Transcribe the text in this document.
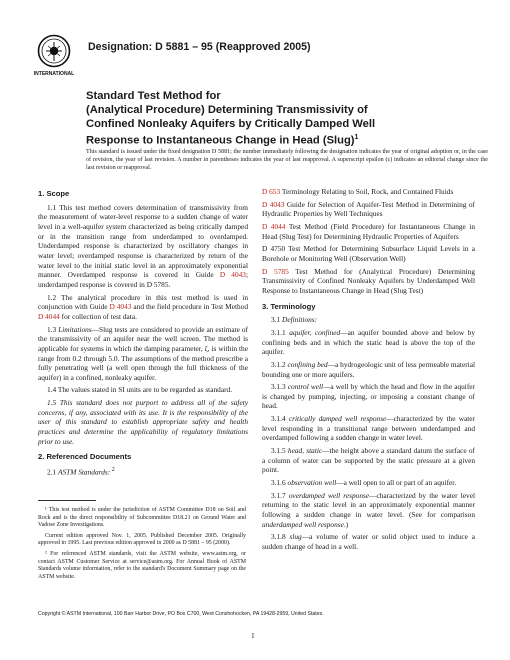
INTERNATIONAL
Designation: D 5881 – 95 (Reapproved 2005)
Standard Test Method for
(Analytical Procedure) Determining Transmissivity of
Confined Nonleaky Aquifers by Critically Damped Well
Response to Instantaneous Change in Head (Slug)$^1$
This standard is issued under the fixed designation D 5881; the number immediately following the designation indicates the year of original adoption or, in the case of revision, the year of last revision. A number in parentheses indicates the year of last reapproval. A superscript epsilon (ε) indicates an editorial change since the last revision or reapproval.
1. Scope

1.1 This test method covers determination of transmissivity from the measurement of water-level response to a sudden change of water level in a well-aquifer system characterized as being critically damped or in the transition range from underdamped to overdamped. Underdamped response is characterized by oscillatory changes in water level; overdamped response is characterized by return of the water level to the initial static level in an approximately exponential manner. Overdamped response is covered in Guide D 4043; underdamped response is covered in D 5785.

1.2 The analytical procedure in this test method is used in conjunction with Guide D 4043 and the field procedure in Test Method D 4044 for collection of test data.

1.3 Limitations—Slug tests are considered to provide an estimate of the transmissivity of an aquifer near the well screen. The method is applicable for systems in which the damping parameter, ζ, is within the range from 0.2 through 5.0. The assumptions of the method prescribe a fully penetrating well (a well open through the full thickness of the aquifer) in a confined, nonleaky aquifer.

1.4 The values stated in SI units are to be regarded as standard.

1.5 This standard does not purport to address all of the safety concerns, if any, associated with its use. It is the responsibility of the user of this standard to establish appropriate safety and health practices and determine the applicability of regulatory limitations prior to use.

2. Referenced Documents

2.1 ASTM Standards: $^2$

¹ This test method is under the jurisdiction of ASTM Committee D18 on Soil and Rock and is the direct responsibility of Subcommittee D18.21 on Ground Water and Vadose Zone Investigations.

Current edition approved Nov. 1, 2005. Published December 2005. Originally approved in 1995. Last previous edition approved in 2000 as D 5881 – 95 (2000).

² For referenced ASTM standards, visit the ASTM website, www.astm.org, or contact ASTM Customer Service at service@astm.org. For Annual Book of ASTM Standards volume information, refer to the standard's Document Summary page on the ASTM website.

D 653 Terminology Relating to Soil, Rock, and Contained Fluids

D 4043 Guide for Selection of Aquifer-Test Method in Determining of Hydraulic Properties by Well Techniques

D 4044 Test Method (Field Procedure) for Instantaneous Change in Head (Slug Test) for Determining Hydraulic Properties of Aquifers

D 4750 Test Method for Determining Subsurface Liquid Levels in a Borehole or Monitoring Well (Observation Well)

D 5785 Test Method for (Analytical Procedure) Determining Transmissivity of Confined Nonleaky Aquifers by Underdamped Well Response to Instantaneous Change in Head (Slug Test)

3. Terminology

3.1 Definitions:

3.1.1 aquifer, confined—an aquifer bounded above and below by confining beds and in which the static head is above the top of the aquifer.

3.1.2 confining bed—a hydrogeologic unit of less permeable material bounding one or more aquifers.

3.1.3 control well—a well by which the head and flow in the aquifer is changed by pumping, injecting, or imposing a constant change of head.

3.1.4 critically damped well response—characterized by the water level responding in a transitional range between underdamped and overdamped following a sudden change in water level.

3.1.5 head, static—the height above a standard datum the surface of a column of water can be supported by the static pressure at a given point.

3.1.6 observation well—a well open to all or part of an aquifer.

3.1.7 overdamped well response—characterized by the water level returning to the static level in an approximately exponential manner following a sudden change in water level. (See for comparison underdamped well response.)

3.1.8 slug—a volume of water or solid object used to induce a sudden change of head in a well.

Copyright © ASTM International, 100 Barr Harbor Drive, PO Box C700, West Conshohocken, PA 19428-2959, United States.
1
